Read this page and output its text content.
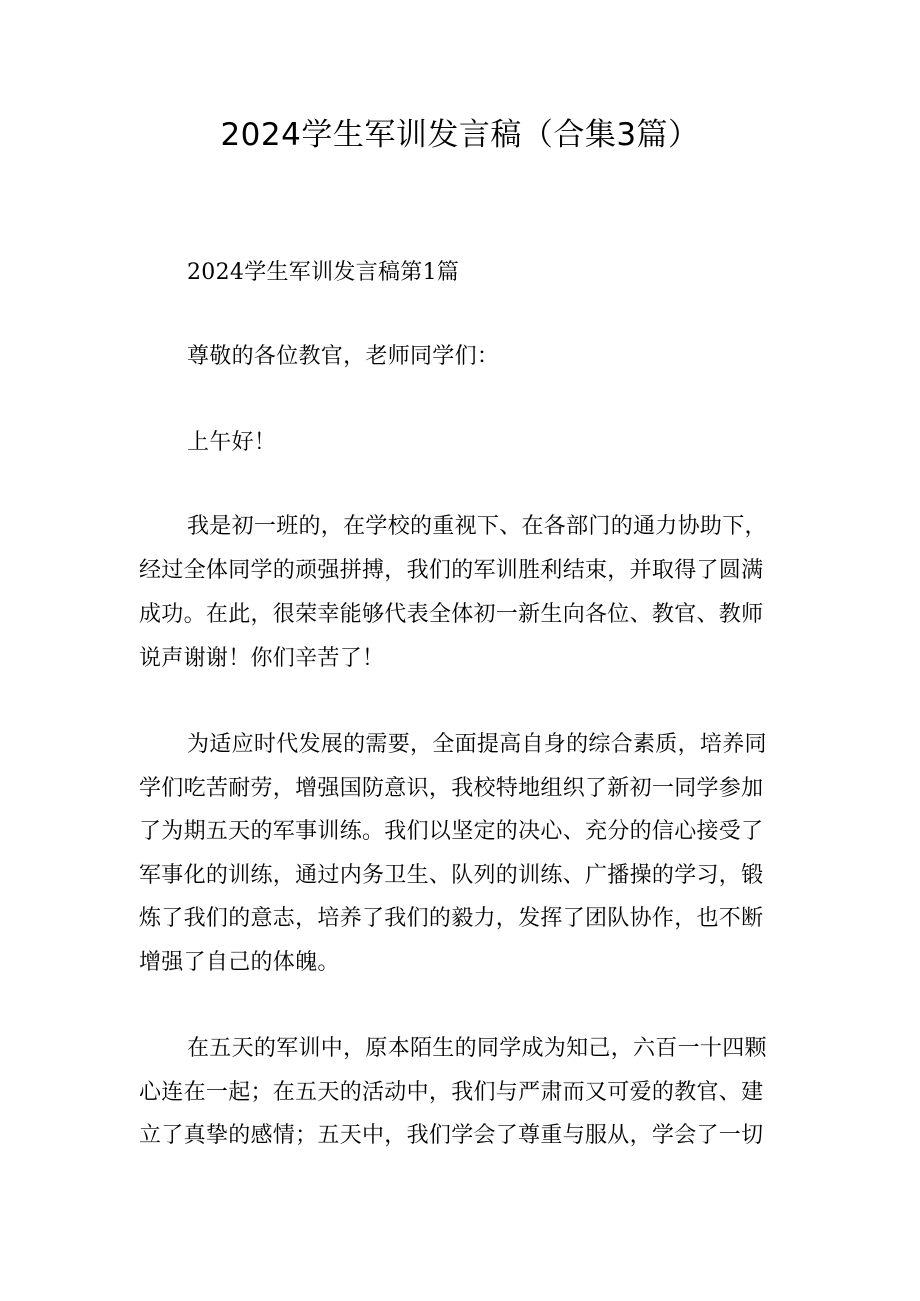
2024学生军训发言稿（合集3篇）
2024学生军训发言稿第1篇
尊敬的各位教官，老师同学们：
上午好！
我是初一班的，在学校的重视下、在各部门的通力协助下，
经过全体同学的顽强拼搏，我们的军训胜利结束，并取得了圆满
成功。在此，很荣幸能够代表全体初一新生向各位、教官、教师
说声谢谢！你们辛苦了！
为适应时代发展的需要，全面提高自身的综合素质，培养同
学们吃苦耐劳，增强国防意识，我校特地组织了新初一同学参加
了为期五天的军事训练。我们以坚定的决心、充分的信心接受了
军事化的训练，通过内务卫生、队列的训练、广播操的学习，锻
炼了我们的意志，培养了我们的毅力，发挥了团队协作，也不断
增强了自己的体魄。
在五天的军训中，原本陌生的同学成为知己，六百一十四颗
心连在一起；在五天的活动中，我们与严肃而又可爱的教官、建
立了真挚的感情；五天中，我们学会了尊重与服从，学会了一切
